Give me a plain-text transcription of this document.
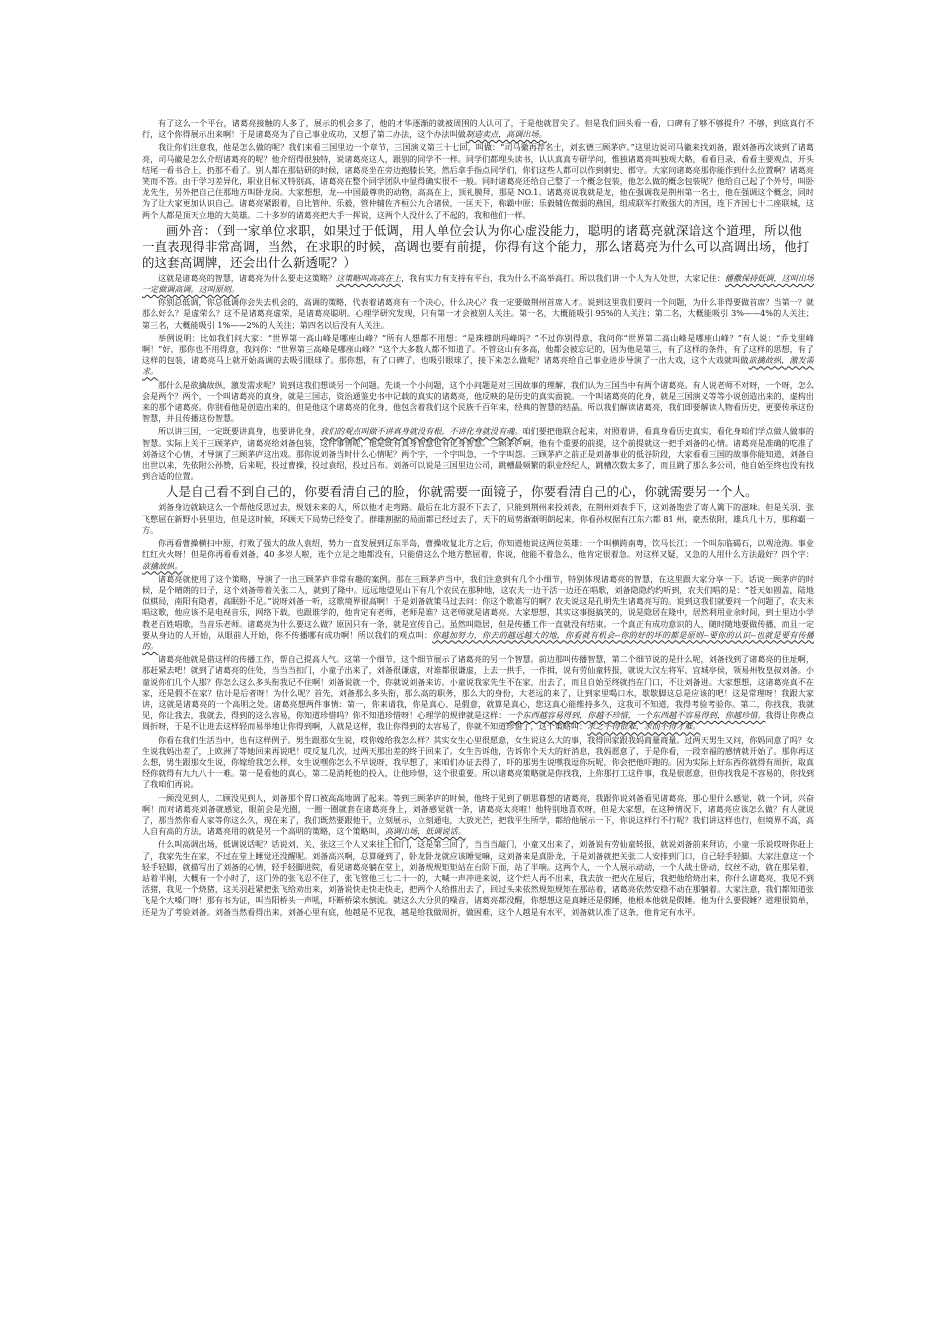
有了这么一个平台，诸葛亮接触的人多了，展示的机会多了，他的才华逐渐的就被周围的人认可了，于是他就冒尖了。但是我们回头看一看，口碑有了够不够提升？不够，到底真行不行，这个你得展示出来啊！于是诸葛亮为了自己事业成功，又想了第二办法，这个办法叫做制造卖点，高调出场。

我让你们注意我，他是怎么做的呢？我们来看三国里边一个章节，三国演义第三十七回，叫做：“司马徽再荐名士，刘玄德三顾茅庐。”这里边说司马徽来找刘备，跟刘备再次谈到了诸葛亮，司马徽是怎么介绍诸葛亮的呢？他介绍得很独特，说诸葛亮这人，跟别的同学不一样。同学们都埋头读书，认认真真专研学问，惟独诸葛亮叫独观大略，看看目录，看看主要观点，开头结尾一看书合上，扔那不看了。别人都在那钻研的时候，诸葛亮坐在旁边抱膝长笑，然后拿手指点同学们，你们这些人都可以作到刺史、郡守。大家问诸葛亮那你能作到什么位置啊？诸葛亮笑而不答。由于学习差异化，职业目标又特别高，诸葛亮在整个同学团队中显得确实很不一般。同时诸葛亮还给自己整了一个概念包装，他怎么做的概念包装呢？他给自己起了个外号，叫卧龙先生，另外把自己住那地方叫卧龙岗。大家想想，龙---中国最尊贵的动物，高高在上，顶礼膜拜，那是 NO.1。诸葛亮说我就是龙，他在强调我是荆州第一名士，他在强调这个概念，同时为了让大家更加认识自己。诸葛亮紧跟着，自比管仲、乐毅，管仲辅佐齐桓公九合诸侯，一匡天下，称霸中原；乐毅辅佐微弱的燕国，组成联军打败强大的齐国，连下齐国七十二座联城，这两个人都是顶天立地的大英雄。二十多岁的诸葛亮把大手一挥说，这两个人没什么了不起的，我和他们一样。

画外音：（到一家单位求职，如果过于低调，用人单位会认为你心虚没能力，聪明的诸葛亮就深谙这个道理，所以他一直表现得非常高调，当然，在求职的时候，高调也要有前提，你得有这个能力，那么诸葛亮为什么可以高调出场，他打的这套高调牌，还会出什么新透呢？）

这就是诸葛亮的智慧，诸葛亮为什么要走这策略？这策略叫高高在上，我有实力有支持有平台，我为什么不高举高打。所以我们讲一个人为人处世，大家记住：播撒保持低调，这叫出场一定做调高调。这叫原则。

你别总低调，你总低调你会失去机会的，高调的策略，代表着诸葛亮有一个决心，什么决心？我一定要做荆州首席人才。说到这里我们要问一个问题，为什么非得要做首席？当第一？就那么好么？是虚荣么？这不是诸葛亮虚荣，是诸葛亮聪明。心理学研究发现，只有第一才会被别人关注。第一名，大概能吸引 95%的人关注；第二名，大概能吸引 3%——4%的人关注；第三名，大概能吸引 1%——2%的人关注；第四名以后没有人关注。

举例说明：比如我们问大家：“世界第一高山峰是哪座山峰？”所有人想都不用想：“是珠穆朗玛峰吗？”不过你别得意，我问你“世界第二高山峰是哪座山峰？”有人说：“乔戈里峰啊！”好，那你也不用得意，我问你：“世界第三高峰是哪座山峰？”这个大多数人都不知道了。不管这山有多高，他都会被忘记的，因为他是第三，有了这样的条件，有了这样的思想，有了这样的包装，诸葛亮马上就开始高调的去吸引眼球了。那你想，有了口碑了，也吸引眼球了，接下来怎么做呢？诸葛亮给自己事业进步导演了一出大戏，这个大戏就叫做欲擒故纵，激发需求。

那什么是欲擒故纵，激发需求呢？说到这我们想谈另一个问题。先谈一个小问题，这个小问题是对三国故事的理解，我们认为三国当中有两个诸葛亮。有人说老师不对呀，一个呀，怎么会是两个？两个，一个叫诸葛亮的真身，就是三国志，资治通鉴史书中记载的真实的诸葛亮，他反映的是历史的真实面貌。一个叫诸葛亮的化身，就是三国演义等等小说创造出来的，虚构出来的那个诸葛亮。你别看他是创造出来的，但是他这个诸葛亮的化身，他包含着我们这个民族千百年来，经典的智慧的结晶。所以我们解读诸葛亮，我们即要解读人物看历史，更要传承这份智慧，并且传播这份智慧。

所以讲三国，一定既要讲真身，也要讲化身，我们的观点叫做不讲真身就没有根，不讲化身就没有魂。咱们要把他联合起来，对照着讲，看真身看历史真实，看化身咱们学点做人做事的智慧。实际上关于三顾茅庐，诸葛亮给刘备包装，这件事情呢，他是既有真身智慧也有化身智慧。三顾茅庐啊，他有个重要的前提，这个前提就这一把手刘备的心情。诸葛亮是准确的吃准了刘备这个心情，才导演了三顾茅庐这出戏。那你说刘备当时什么心情呢？两个字，一个字叫急，一个字叫怨。三顾茅庐之前正是刘备事业的低谷阶段，大家看看三国的故事你能知道，刘备自出世以来，先依附公孙赞，后来呢，投过曹操，投过袁绍，投过吕布。刘备可以说是三国里边公司，跳槽最频繁的职业经纪人，跳槽次数太多了，而且跳了那么多公司，他自始至终也没有找到合适的位置。

人是自己看不到自己的，你要看清自己的脸，你就需要一面镜子，你要看清自己的心，你就需要另一个人。

刘备身边就缺这么一个帮他反思过去，规划未来的人，所以他才走弯路。最后在北方混不下去了，只能到荆州来投刘表，在荆州刘表手下，这刘备饱尝了寄人篱下的滋味。但是关羽、张飞憋屈在新野小县里边，但是这时候，环顾天下局势已经变了。群雄割据的局面都已经过去了，天下的局势渐渐明朗起来，你看孙权据有江东六都 81 州，豪杰依附，雄兵几十万，那称霸一方。

你再看曹操横扫中原，打败了强大的敌人袁绍，势力一直发展到辽东半岛，曹操收复北方之后，你知道他说这两位英雄：一个叫横跨南粤，饮马长江；一个叫东临碣石，以观沧海。事业红红火火呀！但是你再看看刘备，40 多岁人啦，连个立足之地都没有，只能借这么个地方憋屈着，你说，他能不着急么，他肯定很着急。对这样又疑，又急的人用什么方法最好？四个字：欲擒故纵。

诸葛亮就使用了这个策略，导演了一出三顾茅庐非常有趣的案例。那在三顾茅庐当中，我们注意到有几个小细节，特别体现诸葛亮的智慧，在这里跟大家分享一下。话说一顾茅庐的时候，是个晴朗的日子，这个刘备带着关张二人，就到了隆中。远远地望见山下有几个农民在那种地，这农夫一边干活一边还在唱歌，刘备隐隐约约听到，农夫们唱的是：“苍天如圆盖，陆地似棋局，南阳有隐者，高眠卧不足。”说呀刘备一听，这歌境界很高啊！于是刘备就策马过去问：你这个歌谁写的啊？农夫说这是孔明先生诸葛亮写的。说到这我们就要问一个问题了，农夫米唱这歌，他应该不是电视音乐，网络下载，也跟谁学的，他肯定有老师，老师是谁？这老师就是诸葛亮。大家想想，其实这事挺搞笑的，说是隐居在隆中，居然利用业余时间，到士里边小学教老百姓唱歌，当音乐老师。诸葛亮为什么要这么做？原因只有一条，就是宣传自己。虽然叫隐居，但是传播工作一直就没有结束。一个真正有成功意识的人，随时随地要做传播，而且一定要从身边的人开始，从眼前人开始，你不传播哪有成功啊！所以我们的观点叫：你越加努力，你去的越远越大的地，你看就有机会--你的好的坏的都是原则--要你的认识--也就是要有传播的。

诸葛亮他就是借这样的传播工作，帮自己提高人气。这第一个细节，这个细节展示了诸葛亮的另一个智慧。前边那叫传播智慧，第二个细节说的是什么呢，刘备找到了诸葛亮的住址啊，那赶紧去吧！就到了诸葛亮的住处，当当当扣门，小童子出来了，刘备很谦虚，对谁都很谦虚，上去一拱手，一作揖，说有劳仙童转报，就说大汉左将军、宜城亭侯，领易州牧皇叔刘备。小童说你们几个人那？你怎么这么多头衔我记不住啊！刘备说就一个，你就说刘备来访。小童说我家先生不在家，出去了，而且自始至终就挡在门口，不让刘备进。大家想想，这诸葛亮真不在家，还是假不在家？估计是后者呀！为什么呢？首先，刘备那么多头衔，那么高的职务，那么大的身份，大老远的来了，让到家里喝口水，歇歇脚这总是应该的吧！这是常理呀！我跟大家讲，这就是诸葛亮的一个高明之处。诸葛亮想两件事情：第一，你来请我，你是真心、是假意，就算是真心，您这真心能维持多久，这我可不知道，我得考验考验你。第二，你找我，我就见，你让我去，我就去，得到的这么容易，你知道珍惜吗？你不知道珍惜呀！心理学的规律就是这样：一个东西越容易得到，你越不珍惜，一个东西越不容易得到，你越珍惜。我得让你费点周折呀，于是不让进去这样轻而易举地让你得到啊，人就是这样，我让你得到的太容易了，你就不知道珍惜了，这个策略叫：求之不得很难，求而不得才难。

你看在我们生活当中，也有这样例子。男生跟那女生说，哎你嫁给我怎么样？其实女生心里很愿意，女生说这么大的事，我得回家跟我妈商量商量。过两天男生又问，你妈同意了吗？女生说我妈出差了，上欧洲了等她回来再说吧！哎反复几次，过两天那出差的终于回来了。女生告诉他，告诉你个天大的好消息，我妈愿意了，于是你看，一段幸福的感情就开始了。那你再这么想，男生跟那女生说，你嫁给我怎么样，女生说嘿你怎么不早说呀，我早想了，来咱们办证去得了，吓的那男生说嘿我逗你玩呢，你会把他吓跑的。因为实际上好东西你就得有周折，取真经你就得有九九八十一难。第一是看他的真心，第二是消耗他的投入，让他珍惜，这个很重要。所以诸葛亮策略就是你找我，上你那打工这件事，我是很愿意，但你找我是不容易的，你找到了我咱们再说。

一顾没见到人，二顾没见到人，刘备那个胃口被高高地调了起来。等到三顾茅庐的时候，他终于见到了朝思暮想的诸葛亮，我跟你说刘备看见诸葛亮，那心里什么感觉，就一个词，兴奋啊！而对诸葛亮刘备就感觉，眼前会是光圈，一圈一圈就套在诸葛亮身上，刘备感觉就一条，诸葛亮太亮啦！他特别地喜欢呀，但是大家想，在这种情况下，诸葛亮应该怎么做？有人就说了，那当然你看人家等你这么久，现在来了，我们既然要跟他干，立刻展示，立刻通电，大放光芒，把我平生所学，都给他展示一下，你说这样行不行呢？我们讲这样也行，但境界不高，高人自有高的方法，诸葛亮用的就是另一个高明的策略，这个策略叫，高调出场，低调说话。

什么叫高调出场，低调说话呢？话说刘、关、张这三个人又来往上扣门，这是第三回了，当当当敲门，小童又出来了，刘备说有劳仙童转报，就说刘备前来拜访，小童一乐说哎呀你赶上了，我家先生在家，不过在堂上睡觉还没醒呢。刘备高兴啊，总算碰到了，卧龙卧龙就应该睡觉嘛，这刘备来是真卧龙，于是刘备就把关张二人安排到门口，自己轻手轻脚。大家注意这一个轻手轻脚，就描写出了刘备的心情，轻手轻脚进院，看见诸葛亮躺在堂上，刘备规规矩矩站在台阶下面，站了半响。这两个人，一个人展示动动，一个人战士卧动，纹丝不动，就在那呆着，站着半刚，大概有一个小时了，这门外的张飞忍不住了，张飞管他三七二十一的，大喊一声冲进来说，这个烂人再不出来，我去放一把火在屋后，我把他给烧出来，你什么诸葛亮，我见不到活猪，我见一个烧猪，这关羽赶紧把张飞给劝出来，刘备说快走快走快走，把两个人给推出去了，回过头来依然规矩规矩在那站着，诸葛亮依然安稳不动在那躺着。大家注意，我们都知道张飞是个大嗓门呀！那有书为证，叫当阳桥头一声吼，吓断桥梁水倒流。就这么大分贝的噪音，诸葛亮都没醒，你想想这是真睡还是假睡，他根本他就是假睡。他为什么要假睡？道理很简单，还是为了考验刘备。刘备当然看得出来，刘备心里有底，他越是不见我，越是给我做周折，做困难，这个人越是有水平，刘备就认准了这条，他肯定有水平。
